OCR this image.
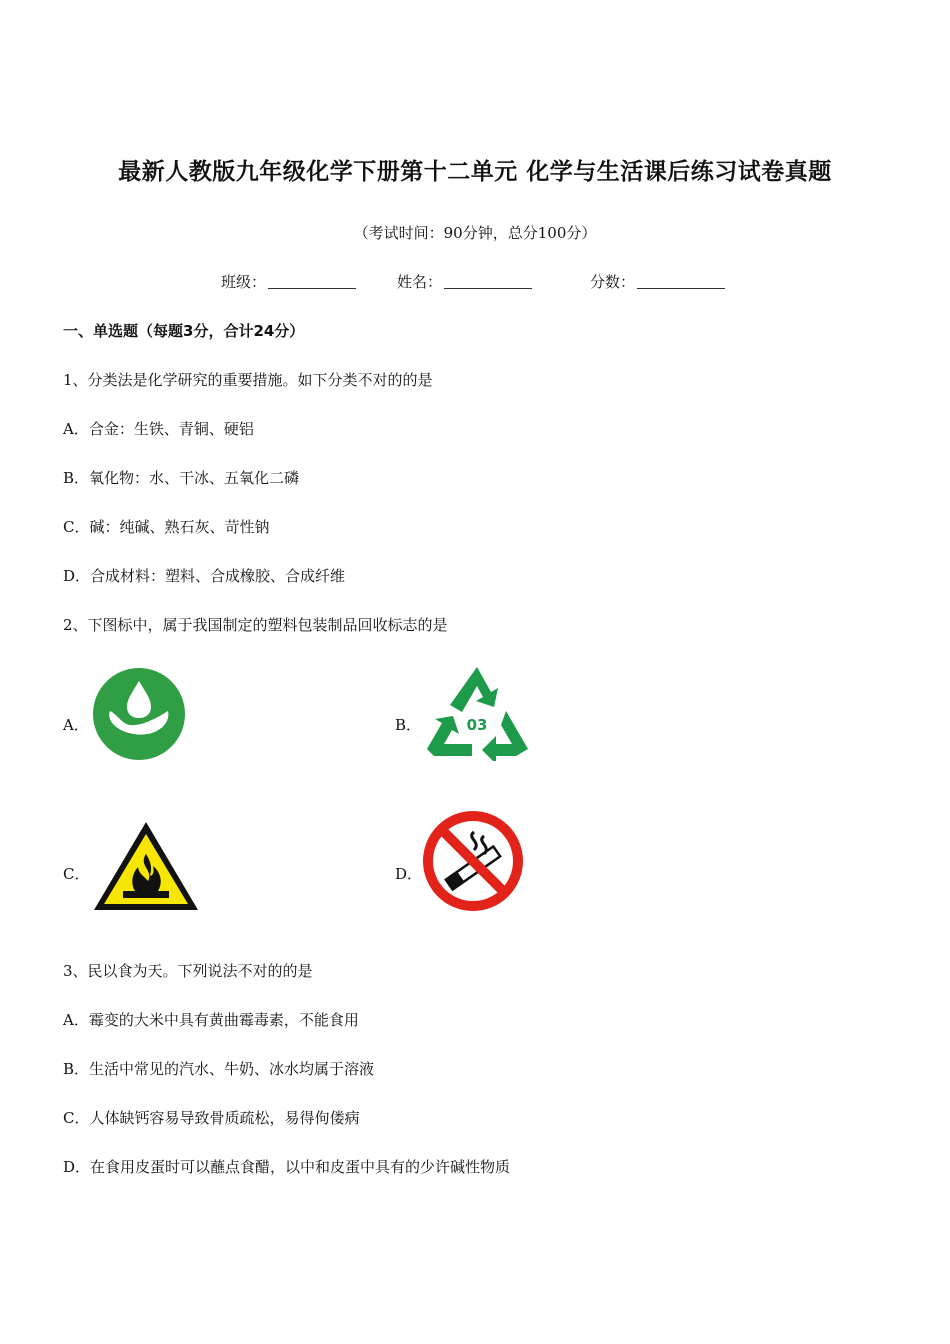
最新人教版九年级化学下册第十二单元 化学与生活课后练习试卷真题
（考试时间：90分钟，总分100分）
班级：	姓名：	分数：
一、单选题（每题3分，合计24分）
1、分类法是化学研究的重要措施。如下分类不对的的是
A．合金：生铁、青铜、硬铝
B．氧化物：水、干冰、五氧化二磷
C．碱：纯碱、熟石灰、苛性钠
D．合成材料：塑料、合成橡胶、合成纤维
2、下图标中，属于我国制定的塑料包装制品回收标志的是
A．	B．	03
C．	D．
3、民以食为天。下列说法不对的的是
A．霉变的大米中具有黄曲霉毒素，不能食用
B．生活中常见的汽水、牛奶、冰水均属于溶液
C．人体缺钙容易导致骨质疏松，易得佝偻病
D．在食用皮蛋时可以蘸点食醋，以中和皮蛋中具有的少许碱性物质
